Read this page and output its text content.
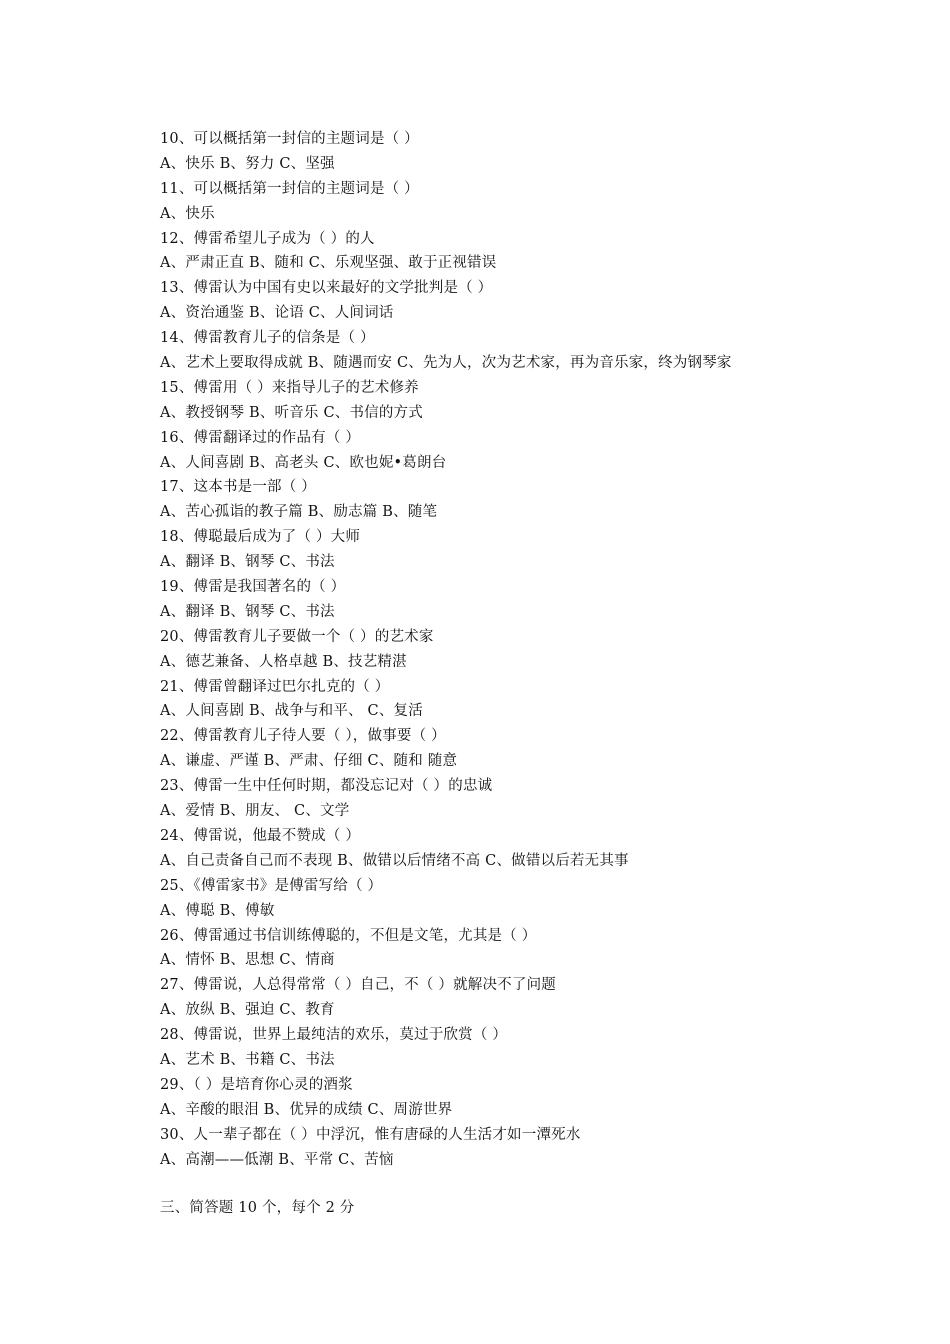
10、可以概括第一封信的主题词是（ ）
A、快乐 B、努力 C、坚强
11、可以概括第一封信的主题词是（ ）
A、快乐
12、傅雷希望儿子成为（ ）的人
A、严肃正直 B、随和 C、乐观坚强、敢于正视错误
13、傅雷认为中国有史以来最好的文学批判是（ ）
A、资治通鉴 B、论语 C、人间词话
14、傅雷教育儿子的信条是（ ）
A、艺术上要取得成就 B、随遇而安 C、先为人，次为艺术家，再为音乐家，终为钢琴家
15、傅雷用（ ）来指导儿子的艺术修养
A、教授钢琴 B、听音乐 C、书信的方式
16、傅雷翻译过的作品有（ ）
A、人间喜剧 B、高老头 C、欧也妮•葛朗台
17、这本书是一部（ ）
A、苦心孤诣的教子篇 B、励志篇 B、随笔
18、傅聪最后成为了（ ）大师
A、翻译 B、钢琴 C、书法
19、傅雷是我国著名的（ ）
A、翻译 B、钢琴 C、书法
20、傅雷教育儿子要做一个（ ）的艺术家
A、德艺兼备、人格卓越 B、技艺精湛
21、傅雷曾翻译过巴尔扎克的（ ）
A、人间喜剧 B、战争与和平、 C、复活
22、傅雷教育儿子待人要（ ），做事要（ ）
A、谦虚、严谨 B、严肃、仔细 C、随和 随意
23、傅雷一生中任何时期，都没忘记对（ ）的忠诚
A、爱情 B、朋友、 C、文学
24、傅雷说，他最不赞成（ ）
A、自己责备自己而不表现 B、做错以后情绪不高 C、做错以后若无其事
25、《傅雷家书》是傅雷写给（ ）
A、傅聪 B、傅敏
26、傅雷通过书信训练傅聪的，不但是文笔，尤其是（ ）
A、情怀 B、思想 C、情商
27、傅雷说，人总得常常（ ）自己，不（ ）就解决不了问题
A、放纵 B、强迫 C、教育
28、傅雷说，世界上最纯洁的欢乐，莫过于欣赏（ ）
A、艺术 B、书籍 C、书法
29、（ ）是培育你心灵的酒浆
A、辛酸的眼泪 B、优异的成绩 C、周游世界
30、人一辈子都在（ ）中浮沉，惟有唐碌的人生活才如一潭死水
A、高潮——低潮 B、平常 C、苦恼
三、简答题 10 个，每个 2 分
